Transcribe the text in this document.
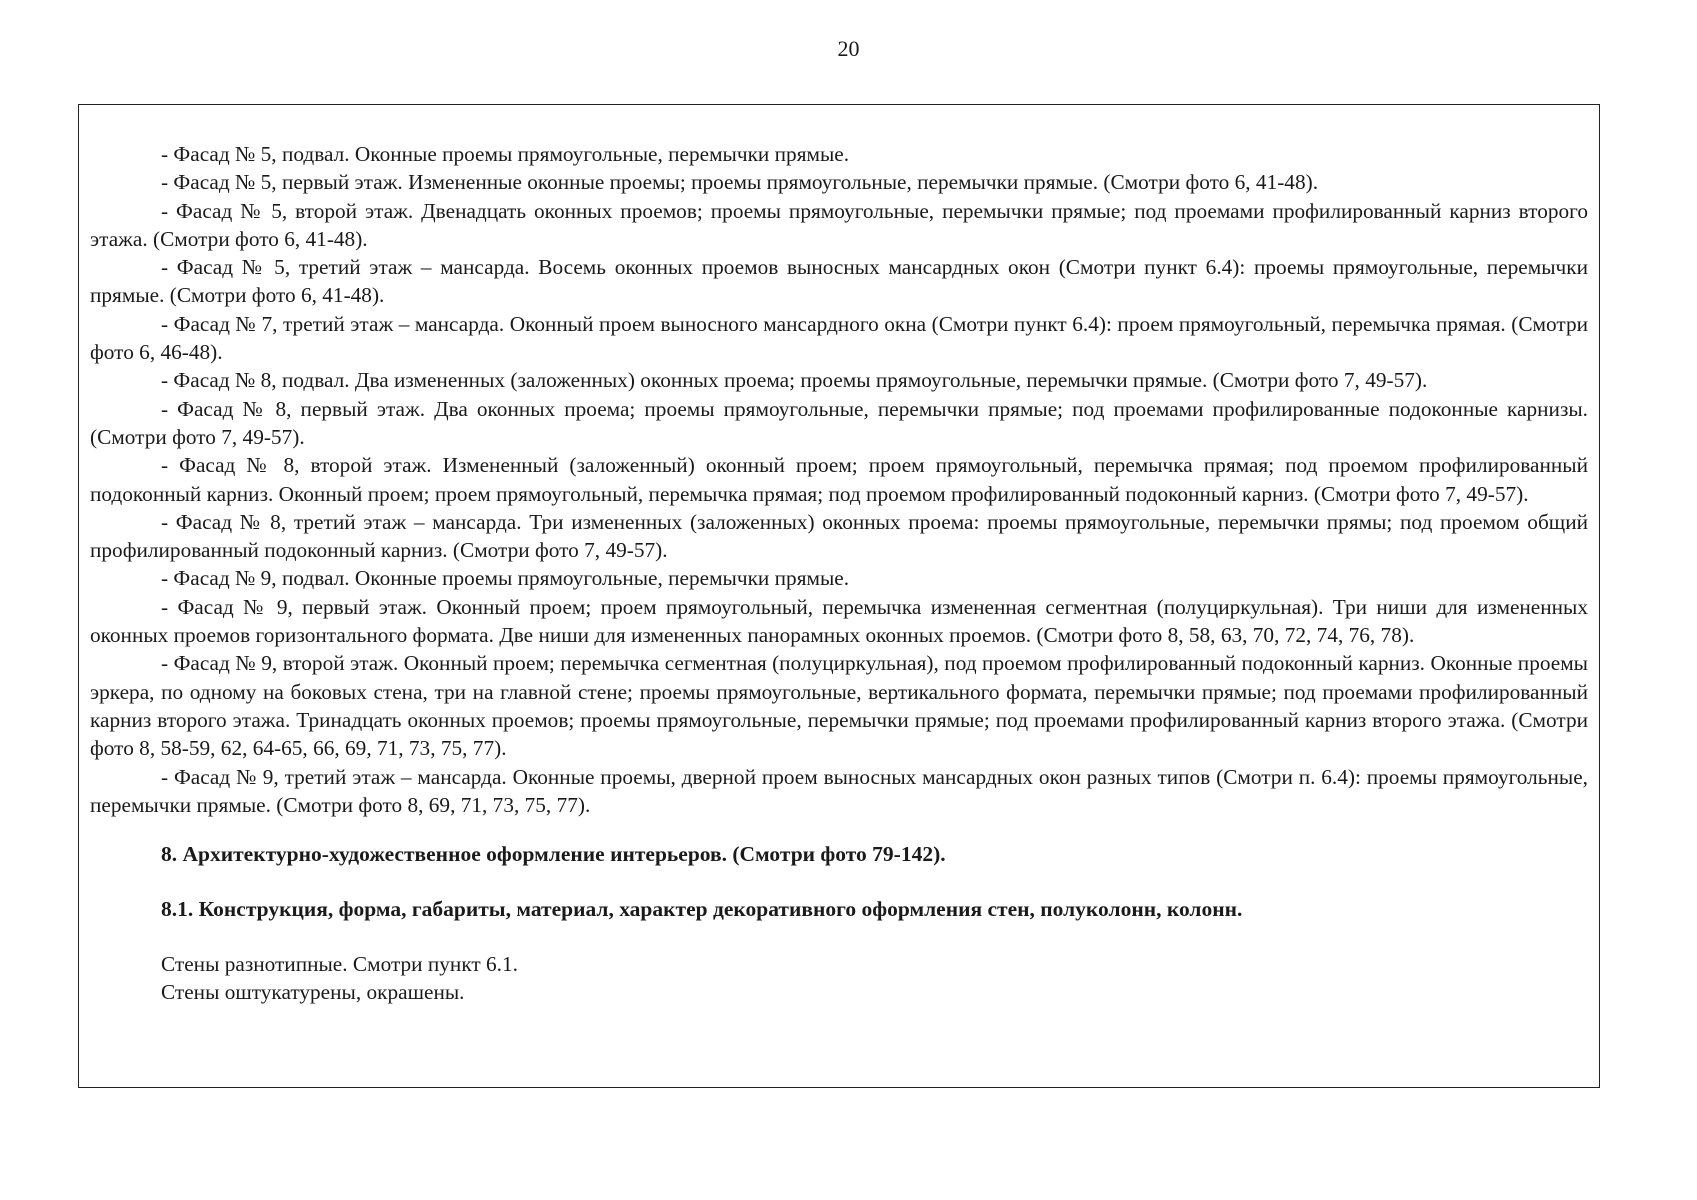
20

- Фасад № 5, подвал. Оконные проемы прямоугольные, перемычки прямые.

- Фасад № 5, первый этаж. Измененные оконные проемы; проемы прямоугольные, перемычки прямые. (Смотри фото 6, 41-48).

- Фасад № 5, второй этаж. Двенадцать оконных проемов; проемы прямоугольные, перемычки прямые; под проемами профилированный карниз второго этажа. (Смотри фото 6, 41-48).

- Фасад № 5, третий этаж – мансарда. Восемь оконных проемов выносных мансардных окон (Смотри пункт 6.4): проемы прямоугольные, перемычки прямые. (Смотри фото 6, 41-48).

- Фасад № 7, третий этаж – мансарда. Оконный проем выносного мансардного окна (Смотри пункт 6.4): проем прямоугольный, перемычка прямая. (Смотри фото 6, 46-48).

- Фасад № 8, подвал. Два измененных (заложенных) оконных проема; проемы прямоугольные, перемычки прямые. (Смотри фото 7, 49-57).

- Фасад № 8, первый этаж. Два оконных проема; проемы прямоугольные, перемычки прямые; под проемами профилированные подоконные карнизы. (Смотри фото 7, 49-57).

- Фасад № 8, второй этаж. Измененный (заложенный) оконный проем; проем прямоугольный, перемычка прямая; под проемом профилированный подоконный карниз. Оконный проем; проем прямоугольный, перемычка прямая; под проемом профилированный подоконный карниз. (Смотри фото 7, 49-57).

- Фасад № 8, третий этаж – мансарда. Три измененных (заложенных) оконных проема: проемы прямоугольные, перемычки прямы; под проемом общий профилированный подоконный карниз. (Смотри фото 7, 49-57).

- Фасад № 9, подвал. Оконные проемы прямоугольные, перемычки прямые.

- Фасад № 9, первый этаж. Оконный проем; проем прямоугольный, перемычка измененная сегментная (полуциркульная). Три ниши для измененных оконных проемов горизонтального формата. Две ниши для измененных панорамных оконных проемов. (Смотри фото 8, 58, 63, 70, 72, 74, 76, 78).

- Фасад № 9, второй этаж. Оконный проем; перемычка сегментная (полуциркульная), под проемом профилированный подоконный карниз. Оконные проемы эркера, по одному на боковых стена, три на главной стене; проемы прямоугольные, вертикального формата, перемычки прямые; под проемами профилированный карниз второго этажа. Тринадцать оконных проемов; проемы прямоугольные, перемычки прямые; под проемами профилированный карниз второго этажа. (Смотри фото 8, 58-59, 62, 64-65, 66, 69, 71, 73, 75, 77).

- Фасад № 9, третий этаж – мансарда. Оконные проемы, дверной проем выносных мансардных окон разных типов (Смотри п. 6.4): проемы прямоугольные, перемычки прямые. (Смотри фото 8, 69, 71, 73, 75, 77).

8. Архитектурно-художественное оформление интерьеров. (Смотри фото 79-142).

8.1. Конструкция, форма, габариты, материал, характер декоративного оформления стен, полуколонн, колонн.

Стены разнотипные. Смотри пункт 6.1.

Стены оштукатурены, окрашены.
